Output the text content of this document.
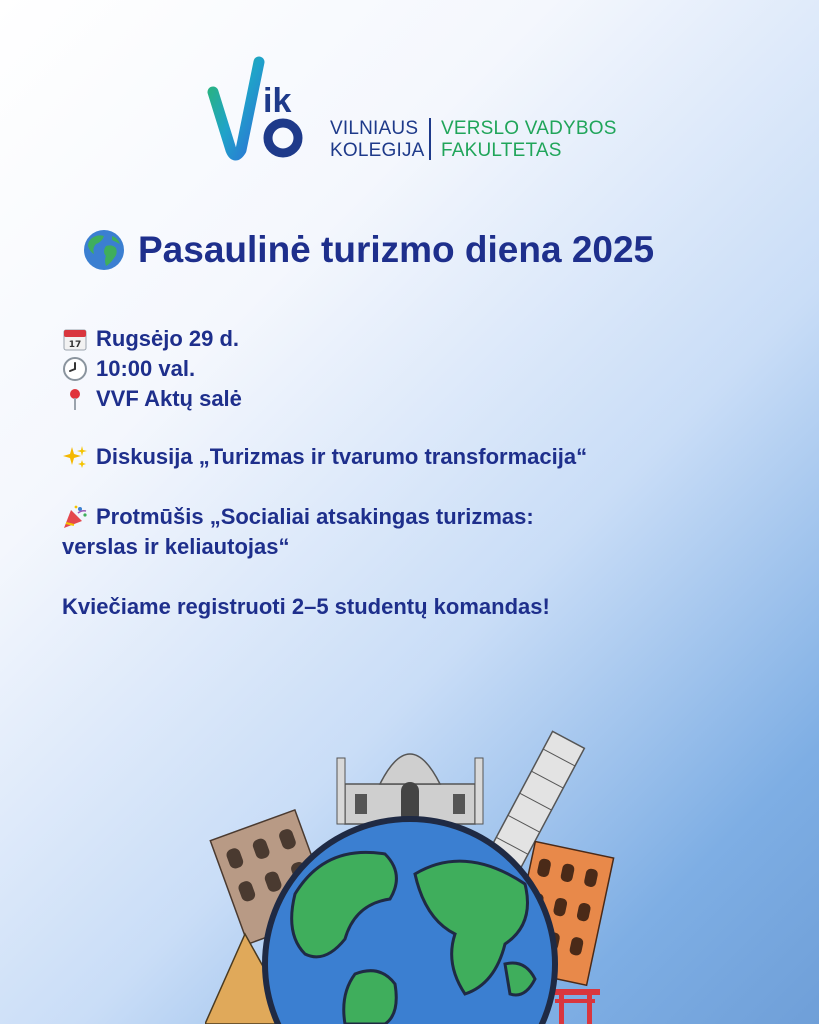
ik
VILNIAUS
KOLEGIJA
VERSLO VADYBOS
FAKULTETAS
Pasaulinė turizmo diena 2025
17 Rugsėjo 29 d.
10:00 val.
VVF Aktų salė
Diskusija „Turizmas ir tvarumo transformacija“
Protmūšis „Socialiai atsakingas turizmas:
verslas ir keliautojas“
Kviečiame registruoti 2–5 studentų komandas!
